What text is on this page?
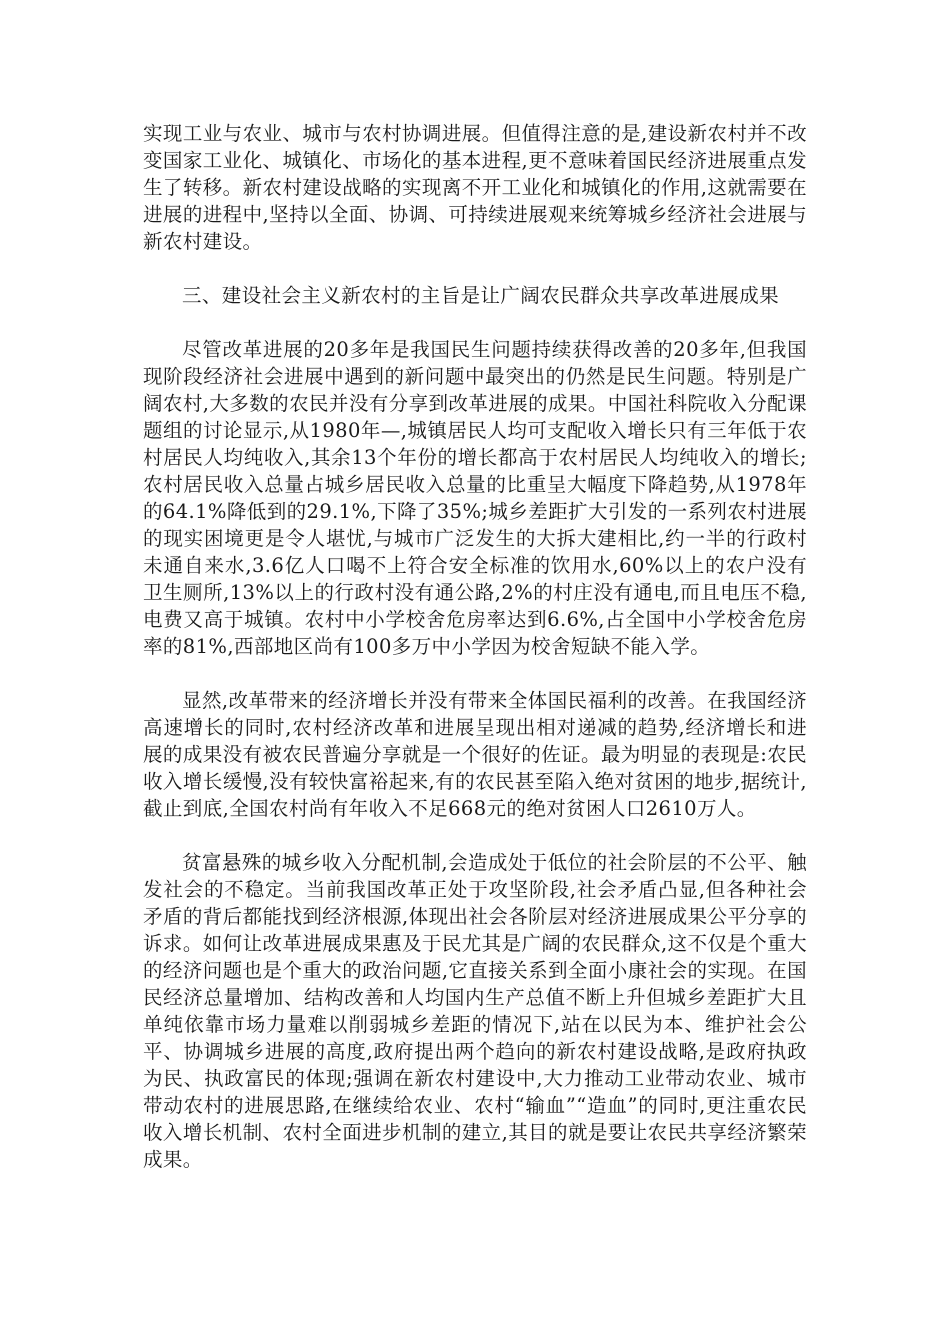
实现工业与农业、城市与农村协调进展。但值得注意的是,建设新农村并不改变国家工业化、城镇化、市场化的基本进程,更不意味着国民经济进展重点发生了转移。新农村建设战略的实现离不开工业化和城镇化的作用,这就需要在进展的进程中,坚持以全面、协调、可持续进展观来统筹城乡经济社会进展与新农村建设。

三、建设社会主义新农村的主旨是让广阔农民群众共享改革进展成果

尽管改革进展的20多年是我国民生问题持续获得改善的20多年,但我国现阶段经济社会进展中遇到的新问题中最突出的仍然是民生问题。特别是广阔农村,大多数的农民并没有分享到改革进展的成果。中国社科院收入分配课题组的讨论显示,从1980年—,城镇居民人均可支配收入增长只有三年低于农村居民人均纯收入,其余13个年份的增长都高于农村居民人均纯收入的增长;农村居民收入总量占城乡居民收入总量的比重呈大幅度下降趋势,从1978年的64.1%降低到的29.1%,下降了35%;城乡差距扩大引发的一系列农村进展的现实困境更是令人堪忧,与城市广泛发生的大拆大建相比,约一半的行政村未通自来水,3.6亿人口喝不上符合安全标准的饮用水,60%以上的农户没有卫生厕所,13%以上的行政村没有通公路,2%的村庄没有通电,而且电压不稳,电费又高于城镇。农村中小学校舍危房率达到6.6%,占全国中小学校舍危房率的81%,西部地区尚有100多万中小学因为校舍短缺不能入学。

显然,改革带来的经济增长并没有带来全体国民福利的改善。在我国经济高速增长的同时,农村经济改革和进展呈现出相对递减的趋势,经济增长和进展的成果没有被农民普遍分享就是一个很好的佐证。最为明显的表现是:农民收入增长缓慢,没有较快富裕起来,有的农民甚至陷入绝对贫困的地步,据统计,截止到底,全国农村尚有年收入不足668元的绝对贫困人口2610万人。

贫富悬殊的城乡收入分配机制,会造成处于低位的社会阶层的不公平、触发社会的不稳定。当前我国改革正处于攻坚阶段,社会矛盾凸显,但各种社会矛盾的背后都能找到经济根源,体现出社会各阶层对经济进展成果公平分享的诉求。如何让改革进展成果惠及于民尤其是广阔的农民群众,这不仅是个重大的经济问题也是个重大的政治问题,它直接关系到全面小康社会的实现。在国民经济总量增加、结构改善和人均国内生产总值不断上升但城乡差距扩大且单纯依靠市场力量难以削弱城乡差距的情况下,站在以民为本、维护社会公平、协调城乡进展的高度,政府提出两个趋向的新农村建设战略,是政府执政为民、执政富民的体现;强调在新农村建设中,大力推动工业带动农业、城市带动农村的进展思路,在继续给农业、农村“输血”“造血”的同时,更注重农民收入增长机制、农村全面进步机制的建立,其目的就是要让农民共享经济繁荣成果。
